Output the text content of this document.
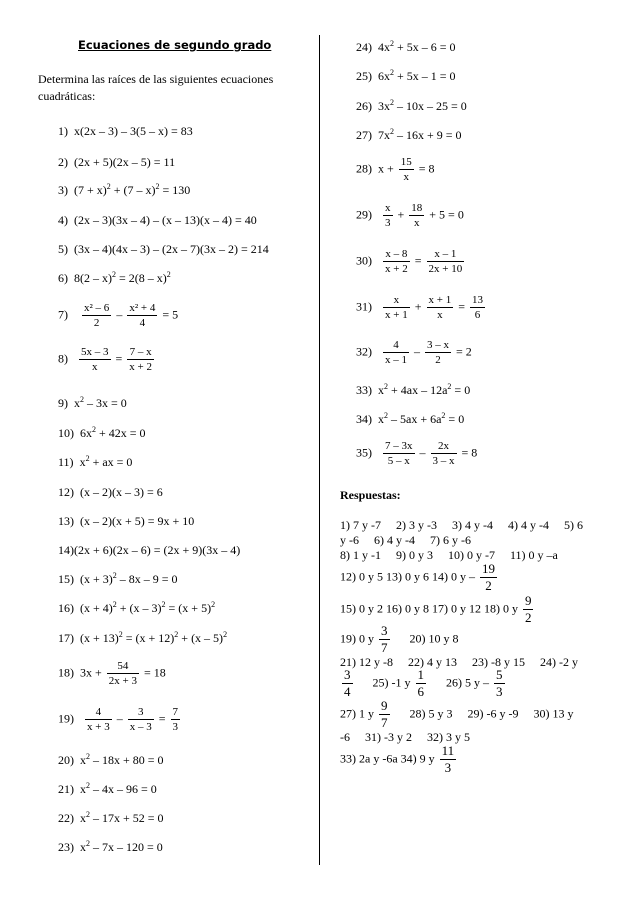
Ecuaciones de segundo grado
Determina las raíces de las siguientes ecuaciones cuadráticas:
1) x(2x – 3) – 3(5 – x) = 83
2) (2x + 5)(2x – 5) = 11
3) $(7 + x)^2 + (7 - x)^2 = 130$
4) (2x – 3)(3x – 4) – (x – 13)(x – 4) = 40
5) (3x – 4)(4x – 3) – (2x – 7)(3x – 2) = 214
6) 8(2 – x)$^2$ = 2(8 – x)$^2$
$7) \frac{\text{x² – 6}}{2} - \frac{\text{x² + 4}}{4} = 5$
$8) \frac{5x - 3}{x} = \frac{7 - x}{x + 2}$
9) $x^2 - 3x = 0$
10) $6x^2 + 42x = 0$
11) $x^2$ + ax = 0
12) (x – 2)(x – 3) = 6
13) (x – 2)(x + 5) = 9x + 10
14)(2x + 6)(2x – 6) = (2x + 9)(3x – 4)
15) $(x + 3)^2 - 8x - 9 = 0$
16) $(x + 4)^2 + (x - 3)^2 = (x + 5)^2$
17) $(x + 13)^2 = (x + 12)^2 + (x - 5)^2$
18) $3x + \frac{54}{2x + 3} = 18$
$19) \frac{4}{x + 3} - \frac{3}{x - 3} = \frac{7}{3}$
20) $x^2 - 18x + 80 = 0$
21) $x^2 - 4x - 96 = 0$
22) $x^2 - 17x + 52 = 0$
23) $x^2 - 7x - 120 = 0$
24) $4x^2 + 5x - 6 = 0$
25) $6x^2 + 5x - 1 = 0$
26) $3x^2 - 10x - 25 = 0$
27) $7x^2 - 16x + 9 = 0$
28) $x + \frac{15}{x} = 8$
$29) \frac{x}{3} + \frac{18}{x} + 5 = 0$
$30) \frac{x - 8}{x + 2} = \frac{x - 1}{2x + 10}$
$31) \frac{x}{x + 1} + \frac{x + 1}{x} = \frac{13}{6}$
$32) \frac{4}{x - 1} - \frac{3 - x}{2} = 2$
33) $x^2 + 4ax - 12a^2 = 0$
34) $x^2 - 5ax + 6a^2 = 0$
$35) \frac{7 - 3x}{5 - x} - \frac{2x}{3 - x} = 8$
Respuestas:
1) 7 y -7     2) 3 y -3     3) 4 y -4     4) 4 y -4     5) 6
y -6     6) 4 y -4     7) 6 y -6
8) 1 y -1     9) 0 y 3     10) 0 y -7     11) 0 y –a
12) 0 y 5 13) 0 y 6 14) 0 y – $\frac{19}{2}$
15) 0 y 2 16) 0 y 8 17) 0 y 12 18) 0 y $\frac{9}{2}$
19) 0 y $\frac{3}{7} 20$) 10 y 8
21) 12 y -8     22) 4 y 13     23) -8 y 15     24) -2 y
$\frac{3}{4} 25$) -1 y $\frac{1}{6} 26$) 5 y – $\frac{5}{3}$
27) 1 y $\frac{9}{7} 28$) 5 y 3     29) -6 y -9     30) 13 y
-6     31) -3 y 2     32) 3 y 5
33) 2a y -6a 34) 9 y $\frac{11}{3}$
